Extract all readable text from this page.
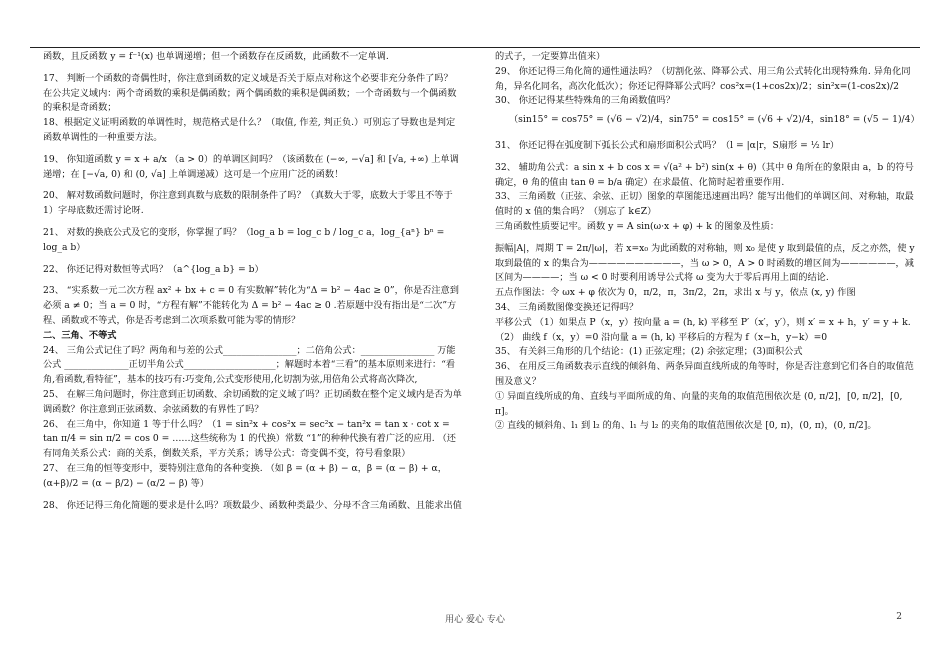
函数，且反函数 y = f⁻¹(x) 也单调递增；但一个函数存在反函数，此函数不一定单调.

17、 判断一个函数的奇偶性时，你注意到函数的定义域是否关于原点对称这个必要非充分条件了吗？ 在公共定义域内：两个奇函数的乘积是偶函数；两个偶函数的乘积是偶函数；一个奇函数与一个偶函数的乘积是奇函数；

18、根据定义证明函数的单调性时，规范格式是什么？（取值, 作差, 判正负.）可别忘了导数也是判定函数单调性的一种重要方法。

19、 你知道函数 y = x + a/x （a > 0）的单调区间吗？（该函数在 (−∞, −√a] 和 [√a, +∞) 上单调递增；在 [−√a, 0) 和 (0, √a] 上单调递减）这可是一个应用广泛的函数！

20、 解对数函数问题时，你注意到真数与底数的限制条件了吗？（真数大于零，底数大于零且不等于 1）字母底数还需讨论呀.

21、 对数的换底公式及它的变形，你掌握了吗？（log_a b = log_c b / log_c a，log_{aⁿ} bⁿ = log_a b）

22、 你还记得对数恒等式吗？（a^{log_a b} = b）

23、 “实系数一元二次方程 ax² + bx + c = 0 有实数解”转化为“Δ = b² − 4ac ≥ 0”，你是否注意到必须 a ≠ 0；当 a = 0 时，“方程有解”不能转化为 Δ = b² − 4ac ≥ 0 .若原题中没有指出是“二次”方程、函数或不等式，你是否考虑到二次项系数可能为零的情形？

二、三角、不等式

24、 三角公式记住了吗？两角和与差的公式________________；二倍角公式：________________ 万能公式 ______________正切半角公式____________________；解题时本着“三看”的基本原则来进行：“看角,看函数,看特征”，基本的技巧有:巧变角,公式变形使用,化切割为弦,用倍角公式将高次降次,

25、 在解三角问题时，你注意到正切函数、余切函数的定义域了吗？正切函数在整个定义域内是否为单调函数？你注意到正弦函数、余弦函数的有界性了吗？

26、 在三角中，你知道 1 等于什么吗？（1 = sin²x + cos²x = sec²x − tan²x = tan x · cot x = tan π/4 = sin π/2 = cos 0 = ……这些统称为 1 的代换）常数 “1”的种种代换有着广泛的应用. （还有同角关系公式：商的关系，倒数关系，平方关系；诱导公式：奇变偶不变，符号看象限）

27、 在三角的恒等变形中，要特别注意角的各种变换. （如 β = (α + β) − α，β = (α − β) + α，(α+β)/2 = (α − β/2) − (α/2 − β) 等）

28、 你还记得三角化简题的要求是什么吗？项数最少、函数种类最少、分母不含三角函数、且能求出值

的式子，一定要算出值来）

29、 你还记得三角化简的通性通法吗？（切割化弦、降幂公式、用三角公式转化出现特殊角. 异角化同角，异名化同名，高次化低次）；你还记得降幂公式吗？cos²x=(1+cos2x)/2；sin²x=(1-cos2x)/2

30、 你还记得某些特殊角的三角函数值吗？

（sin15° = cos75° = (√6 − √2)/4，sin75° = cos15° = (√6 + √2)/4，sin18° = (√5 − 1)/4）

31、 你还记得在弧度制下弧长公式和扇形面积公式吗？（l = |α|r，S扇形 = ½ lr）

32、 辅助角公式：a sin x + b cos x = √(a² + b²) sin(x + θ)（其中 θ 角所在的象限由 a，b 的符号确定，θ 角的值由 tan θ = b/a 确定）在求最值、化简时起着重要作用.

33、 三角函数（正弦、余弦、正切）图象的草图能迅速画出吗？能写出他们的单调区间、对称轴，取最值时的 x 值的集合吗？（别忘了 k∈Z）

三角函数性质要记牢。函数 y = A sin(ω·x + φ) + k 的图象及性质：

振幅|A|，周期 T = 2π/|ω|，若 x=x₀ 为此函数的对称轴，则 x₀ 是使 y 取到最值的点，反之亦然，使 y 取到最值的 x 的集合为——————————，当 ω > 0，A > 0 时函数的增区间为——————，减区间为————；当 ω < 0 时要利用诱导公式将 ω 变为大于零后再用上面的结论.

五点作图法：令 ωx + φ 依次为 0，π/2，π，3π/2，2π，求出 x 与 y，依点 (x, y) 作图

34、 三角函数图像变换还记得吗？

平移公式 （1）如果点 P（x，y）按向量 a = (h, k) 平移至 P′（x′，y′），则 x′ = x + h，y′ = y + k.

（2） 曲线 f（x，y）=0 沿向量 a = (h, k) 平移后的方程为 f（x−h，y−k）=0

35、 有关斜三角形的几个结论：(1) 正弦定理；(2) 余弦定理；(3)面积公式

36、 在用反三角函数表示直线的倾斜角、两条异面直线所成的角等时，你是否注意到它们各自的取值范围及意义？

① 异面直线所成的角、直线与平面所成的角、向量的夹角的取值范围依次是 (0, π/2]，[0, π/2]，[0, π]。

② 直线的倾斜角、l₁ 到 l₂ 的角、l₁ 与 l₂ 的夹角的取值范围依次是 [0, π)，(0, π)，(0, π/2]。

用心 爱心 专心	2
